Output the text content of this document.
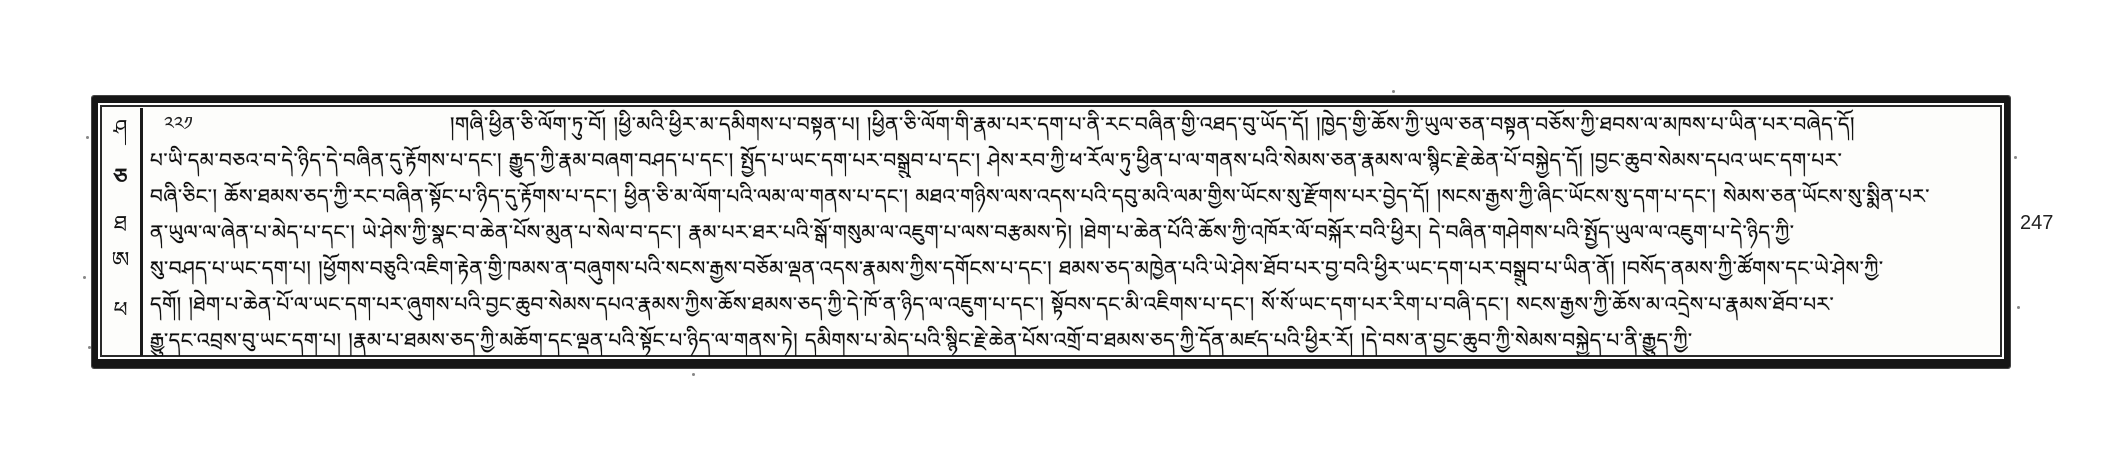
247
ཤ
ཅ
ཐ
ཨ
ཕ
༢༢༡	།གཞི་ཕྱིན་ཅི་ལོག་ཏུ་བོ། །ཕྱི་མའི་ཕྱིར་མ་དམིགས་པ་བསྟན་པ། །ཕྱིན་ཅི་ལོག་གི་རྣམ་པར་དག་པ་ནི་རང་བཞིན་གྱི་འཐད་བུ་ཡོད་དོ། །ཁྱེད་གྱི་ཆོས་ཀྱི་ཡུལ་ཅན་བསྟན་བཅོས་ཀྱི་ཐབས་ལ་མཁས་པ་ཡིན་པར་བཞེད་དོ།
པ་ཡི་དམ་བཅའ་བ་དེ་ཉིད་དེ་བཞིན་དུ་རྟོགས་པ་དང་། རྒྱུད་ཀྱི་རྣམ་བཞག་བཤད་པ་དང་། སྤྱོད་པ་ཡང་དག་པར་བསྒྲུབ་པ་དང་། ཤེས་རབ་ཀྱི་ཕ་རོལ་ཏུ་ཕྱིན་པ་ལ་གནས་པའི་སེམས་ཅན་རྣམས་ལ་སྙིང་རྗེ་ཆེན་པོ་བསྐྱེད་དོ། །བྱང་ཆུབ་སེམས་དཔའ་ཡང་དག་པར་
བཞི་ཅིང་། ཆོས་ཐམས་ཅད་ཀྱི་རང་བཞིན་སྟོང་པ་ཉིད་དུ་རྟོགས་པ་དང་། ཕྱིན་ཅི་མ་ལོག་པའི་ལམ་ལ་གནས་པ་དང་། མཐའ་གཉིས་ལས་འདས་པའི་དབུ་མའི་ལམ་གྱིས་ཡོངས་སུ་རྫོགས་པར་བྱེད་དོ། །སངས་རྒྱས་ཀྱི་ཞིང་ཡོངས་སུ་དག་པ་དང་། སེམས་ཅན་ཡོངས་སུ་སྨིན་པར་
ན་ཡུལ་ལ་ཞེན་པ་མེད་པ་དང་། ཡེ་ཤེས་ཀྱི་སྣང་བ་ཆེན་པོས་མུན་པ་སེལ་བ་དང་། རྣམ་པར་ཐར་པའི་སྒོ་གསུམ་ལ་འཇུག་པ་ལས་བརྩམས་ཏེ། །ཐེག་པ་ཆེན་པོའི་ཆོས་ཀྱི་འཁོར་ལོ་བསྐོར་བའི་ཕྱིར། དེ་བཞིན་གཤེགས་པའི་སྤྱོད་ཡུལ་ལ་འཇུག་པ་དེ་ཉིད་ཀྱི་
སུ་བཤད་པ་ཡང་དག་པ། །ཕྱོགས་བཅུའི་འཇིག་རྟེན་གྱི་ཁམས་ན་བཞུགས་པའི་སངས་རྒྱས་བཅོམ་ལྡན་འདས་རྣམས་ཀྱིས་དགོངས་པ་དང་། ཐམས་ཅད་མཁྱེན་པའི་ཡེ་ཤེས་ཐོབ་པར་བྱ་བའི་ཕྱིར་ཡང་དག་པར་བསྒྲུབ་པ་ཡིན་ནོ། །བསོད་ནམས་ཀྱི་ཚོགས་དང་ཡེ་ཤེས་ཀྱི་
དགོ། །ཐེག་པ་ཆེན་པོ་ལ་ཡང་དག་པར་ཞུགས་པའི་བྱང་ཆུབ་སེམས་དཔའ་རྣམས་ཀྱིས་ཆོས་ཐམས་ཅད་ཀྱི་དེ་ཁོ་ན་ཉིད་ལ་འཇུག་པ་དང་། སྟོབས་དང་མི་འཇིགས་པ་དང་། སོ་སོ་ཡང་དག་པར་རིག་པ་བཞི་དང་། སངས་རྒྱས་ཀྱི་ཆོས་མ་འདྲེས་པ་རྣམས་ཐོབ་པར་
རྒྱུ་དང་འབྲས་བུ་ཡང་དག་པ། །རྣམ་པ་ཐམས་ཅད་ཀྱི་མཆོག་དང་ལྡན་པའི་སྟོང་པ་ཉིད་ལ་གནས་ཏེ། དམིགས་པ་མེད་པའི་སྙིང་རྗེ་ཆེན་པོས་འགྲོ་བ་ཐམས་ཅད་ཀྱི་དོན་མཛད་པའི་ཕྱིར་རོ། །དེ་བས་ན་བྱང་ཆུབ་ཀྱི་སེམས་བསྐྱེད་པ་ནི་རྒྱུད་ཀྱི་
